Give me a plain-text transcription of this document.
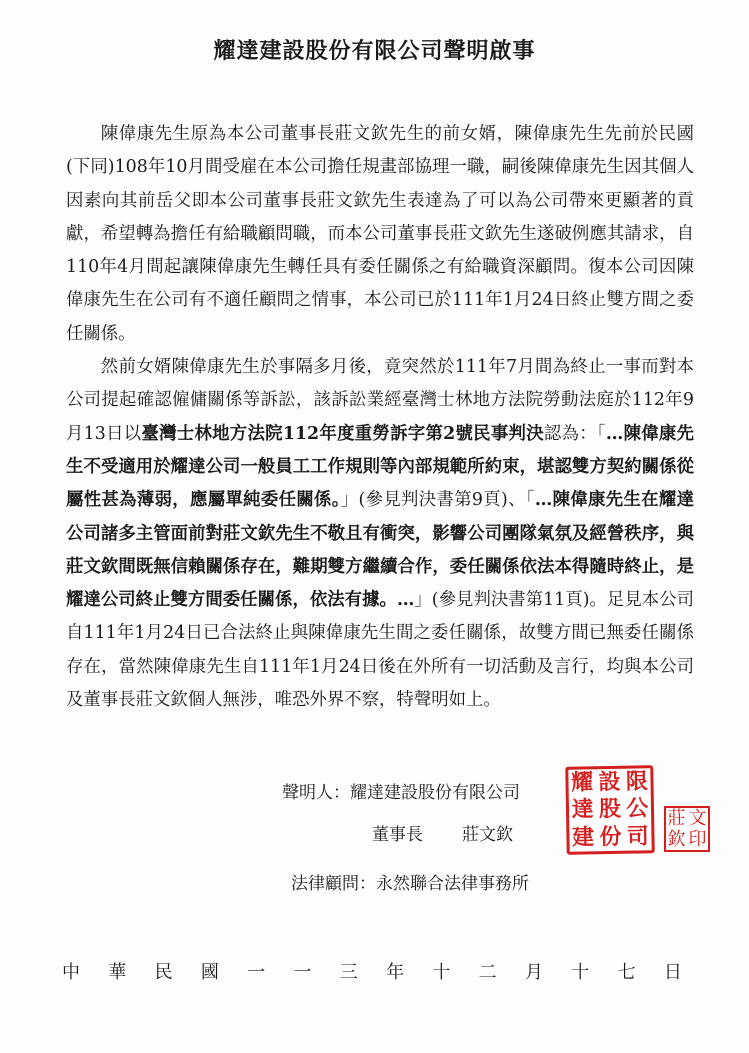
耀達建設股份有限公司聲明啟事

陳偉康先生原為本公司董事長莊文欽先生的前女婿，陳偉康先生先前於民國(下同)108年10月間受雇在本公司擔任規畫部協理一職，嗣後陳偉康先生因其個人因素向其前岳父即本公司董事長莊文欽先生表達為了可以為公司帶來更顯著的貢獻，希望轉為擔任有給職顧問職，而本公司董事長莊文欽先生遂破例應其請求，自110年4月間起讓陳偉康先生轉任具有委任關係之有給職資深顧問。復本公司因陳偉康先生在公司有不適任顧問之情事，本公司已於111年1月24日終止雙方間之委任關係。

然前女婿陳偉康先生於事隔多月後，竟突然於111年7月間為終止一事而對本公司提起確認僱傭關係等訴訟，該訴訟業經臺灣士林地方法院勞動法庭於112年9月13日以臺灣士林地方法院112年度重勞訴字第2號民事判決認為：「…陳偉康先生不受適用於耀達公司一般員工工作規則等內部規範所約束，堪認雙方契約關係從屬性甚為薄弱，應屬單純委任關係。」(參見判決書第9頁)、「…陳偉康先生在耀達公司諸多主管面前對莊文欽先生不敬且有衝突，影響公司團隊氣氛及經營秩序，與莊文欽間既無信賴關係存在，難期雙方繼續合作，委任關係依法本得隨時終止，是耀達公司終止雙方間委任關係，依法有據。…」(參見判決書第11頁)。足見本公司自111年1月24日已合法終止與陳偉康先生間之委任關係，故雙方間已無委任關係存在，當然陳偉康先生自111年1月24日後在外所有一切活動及言行，均與本公司及董事長莊文欽個人無涉，唯恐外界不察，特聲明如上。

聲明人：耀達建設股份有限公司
董事長 莊文欽
法律顧問：永然聯合法律事務所
耀 設 限
達 股 公
建 份 司
莊 文
欽 印
中 華 民 國 一 一 三 年 十 二 月 十 七 日
